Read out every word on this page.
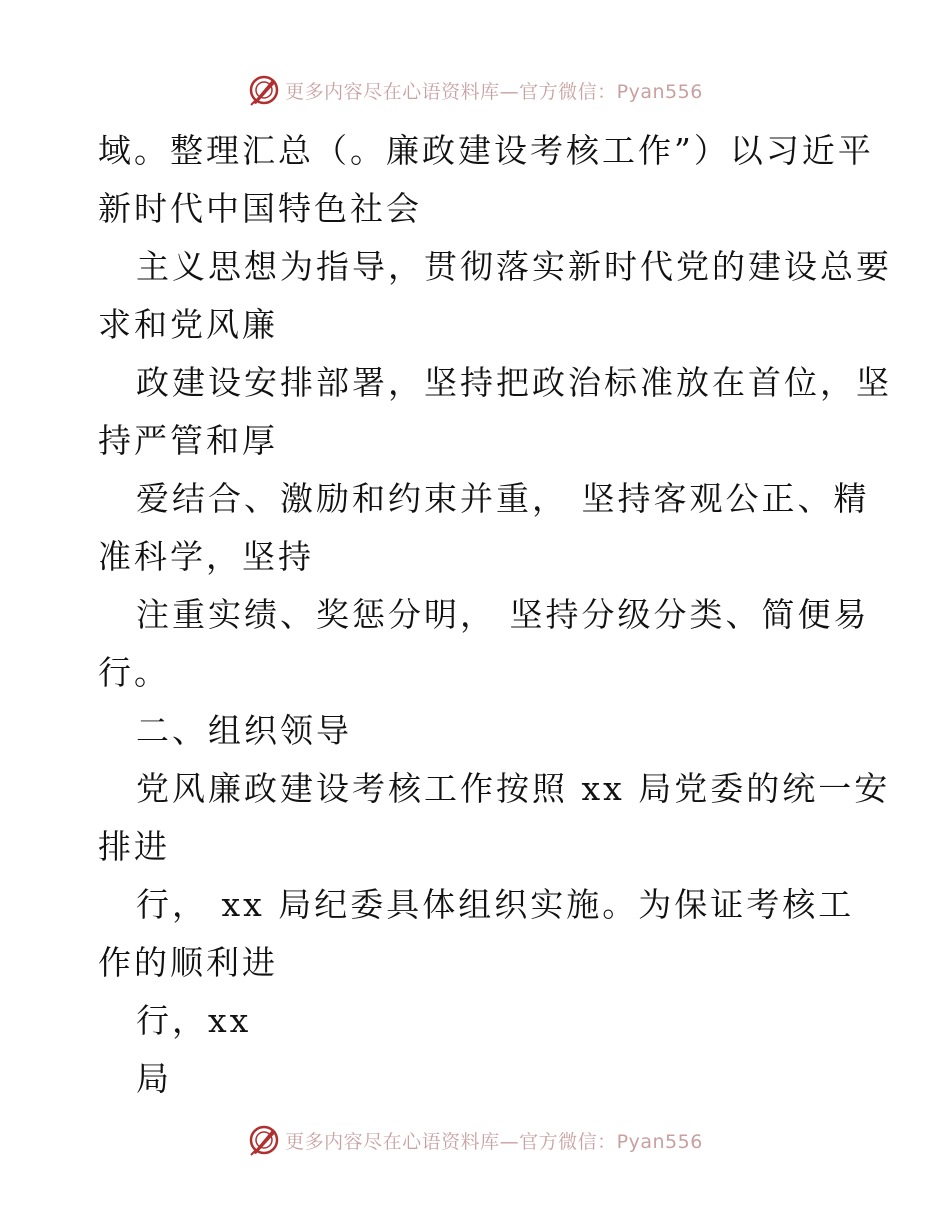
更多内容尽在心语资料库—官方微信：Pyan556
域。整理汇总（。廉政建设考核工作”）以习近平
新时代中国特色社会
主义思想为指导，贯彻落实新时代党的建设总要
求和党风廉
政建设安排部署，坚持把政治标准放在首位，坚
持严管和厚
爱结合、激励和约束并重， 坚持客观公正、精
准科学，坚持
注重实绩、奖惩分明， 坚持分级分类、简便易
行。
二、组织领导
党风廉政建设考核工作按照 xx 局党委的统一安
排进
行， xx 局纪委具体组织实施。为保证考核工
作的顺利进
行，xx
局
更多内容尽在心语资料库—官方微信：Pyan556
